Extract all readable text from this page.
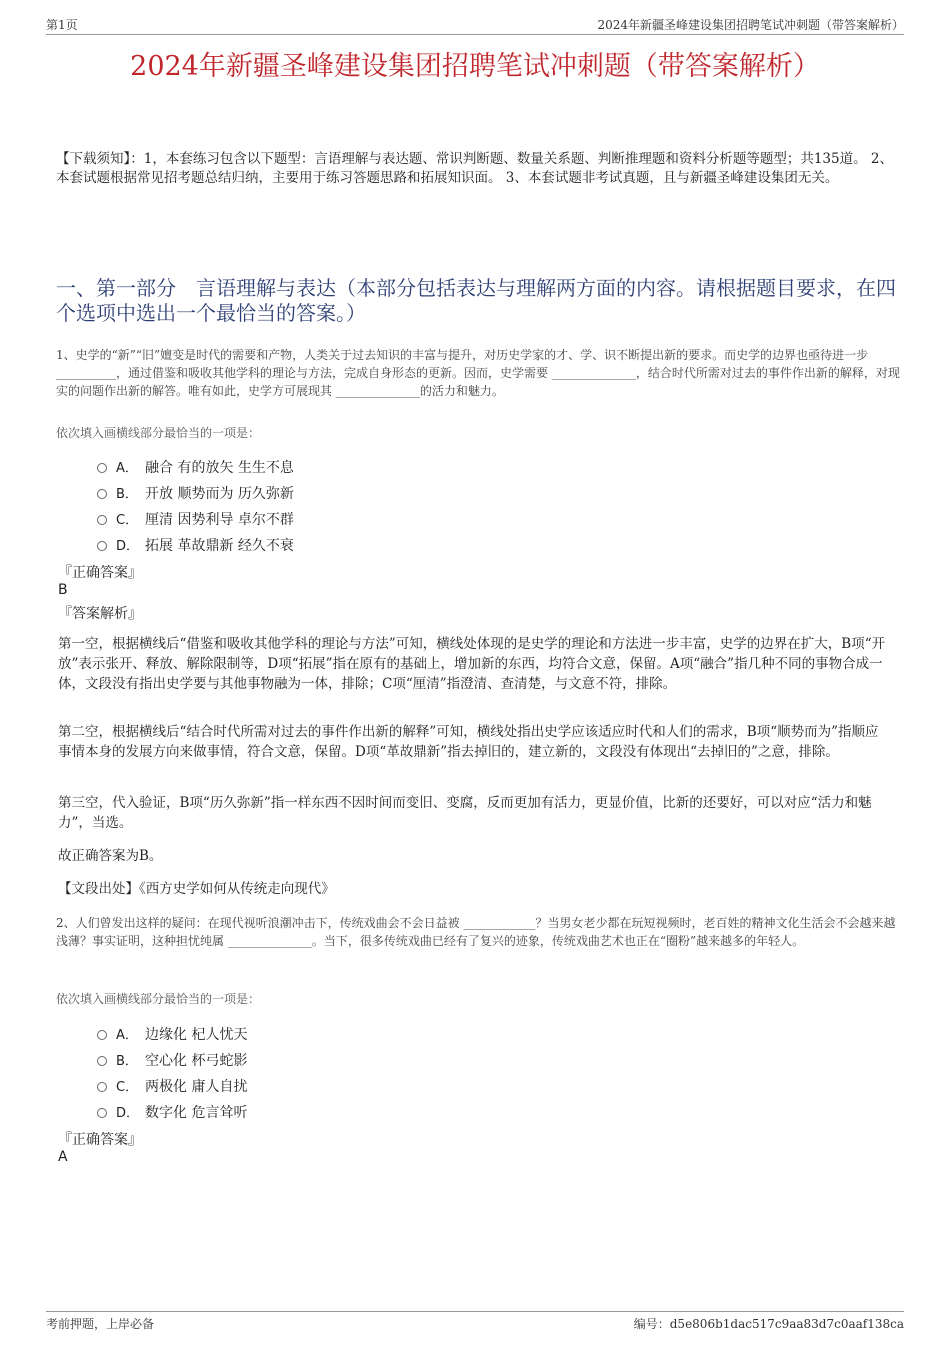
第1页	2024年新疆圣峰建设集团招聘笔试冲刺题（带答案解析）
2024年新疆圣峰建设集团招聘笔试冲刺题（带答案解析）
【下载须知】：1，本套练习包含以下题型：言语理解与表达题、常识判断题、数量关系题、判断推理题和资料分析题等题型；共135道。 2、本套试题根据常见招考题总结归纳，主要用于练习答题思路和拓展知识面。 3、本套试题非考试真题，且与新疆圣峰建设集团无关。
一、第一部分　言语理解与表达（本部分包括表达与理解两方面的内容。请根据题目要求，在四个选项中选出一个最恰当的答案。）
1、史学的“新”“旧”嬗变是时代的需要和产物，人类关于过去知识的丰富与提升，对历史学家的才、学、识不断提出新的要求。而史学的边界也亟待进一步 __________，通过借鉴和吸收其他学科的理论与方法，完成自身形态的更新。因而，史学需要 ______________，结合时代所需对过去的事件作出新的解释，对现实的问题作出新的解答。唯有如此，史学方可展现其 ______________的活力和魅力。
依次填入画横线部分最恰当的一项是：
A． 融合 有的放矢 生生不息
B． 开放 顺势而为 历久弥新
C． 厘清 因势利导 卓尔不群
D． 拓展 革故鼎新 经久不衰
『正确答案』
B
『答案解析』
第一空，根据横线后“借鉴和吸收其他学科的理论与方法”可知，横线处体现的是史学的理论和方法进一步丰富，史学的边界在扩大，B项“开放”表示张开、释放、解除限制等，D项“拓展”指在原有的基础上，增加新的东西，均符合文意，保留。A项“融合”指几种不同的事物合成一体，文段没有指出史学要与其他事物融为一体，排除；C项“厘清”指澄清、查清楚，与文意不符，排除。
第二空，根据横线后“结合时代所需对过去的事件作出新的解释”可知，横线处指出史学应该适应时代和人们的需求，B项“顺势而为”指顺应事情本身的发展方向来做事情，符合文意，保留。D项“革故鼎新”指去掉旧的，建立新的，文段没有体现出“去掉旧的”之意，排除。
第三空，代入验证，B项“历久弥新”指一样东西不因时间而变旧、变腐，反而更加有活力，更显价值，比新的还要好，可以对应“活力和魅力”，当选。
故正确答案为B。
【文段出处】《西方史学如何从传统走向现代》
2、人们曾发出这样的疑问：在现代视听浪潮冲击下，传统戏曲会不会日益被 ____________？当男女老少都在玩短视频时，老百姓的精神文化生活会不会越来越浅薄？事实证明，这种担忧纯属 ______________。当下，很多传统戏曲已经有了复兴的迹象，传统戏曲艺术也正在“圈粉”越来越多的年轻人。
依次填入画横线部分最恰当的一项是：
A． 边缘化 杞人忧天
B． 空心化 杯弓蛇影
C． 两极化 庸人自扰
D． 数字化 危言耸听
『正确答案』
A
考前押题，上岸必备	编号：d5e806b1dac517c9aa83d7c0aaf138ca
